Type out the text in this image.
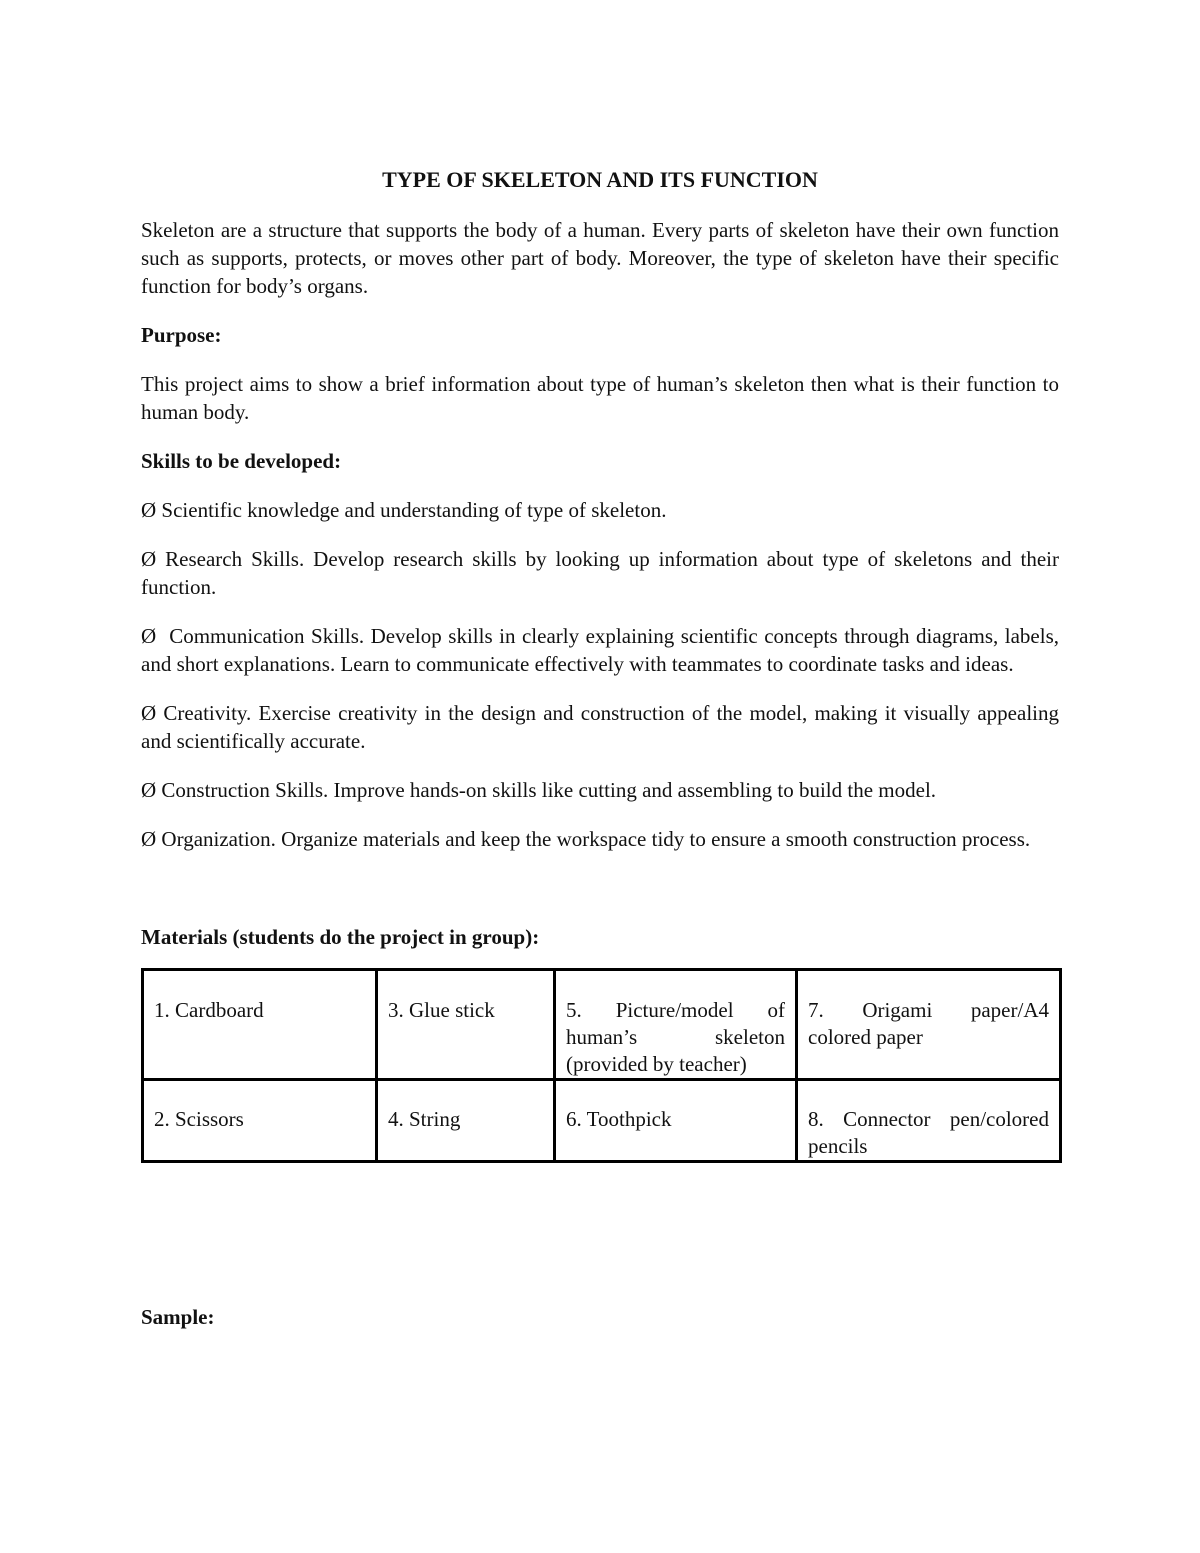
TYPE OF SKELETON AND ITS FUNCTION

Skeleton are a structure that supports the body of a human. Every parts of skeleton have their own function such as supports, protects, or moves other part of body. Moreover, the type of skeleton have their specific function for body’s organs.

Purpose:

This project aims to show a brief information about type of human’s skeleton then what is their function to human body.

Skills to be developed:

Ø Scientific knowledge and understanding of type of skeleton.

Ø Research Skills. Develop research skills by looking up information about type of skeletons and their function.

Ø Communication Skills. Develop skills in clearly explaining scientific concepts through diagrams, labels, and short explanations. Learn to communicate effectively with teammates to coordinate tasks and ideas.

Ø Creativity. Exercise creativity in the design and construction of the model, making it visually appealing and scientifically accurate.

Ø Construction Skills. Improve hands-on skills like cutting and assembling to build the model.

Ø Organization. Organize materials and keep the workspace tidy to ensure a smooth construction process.

Materials (students do the project in group):
1. Cardboard	3. Glue stick	5. Picture/model of human’s skeleton (provided by teacher)	7. Origami paper/A4 colored paper
2. Scissors	4. String	6. Toothpick	8. Connector pen/colored pencils
Sample:
